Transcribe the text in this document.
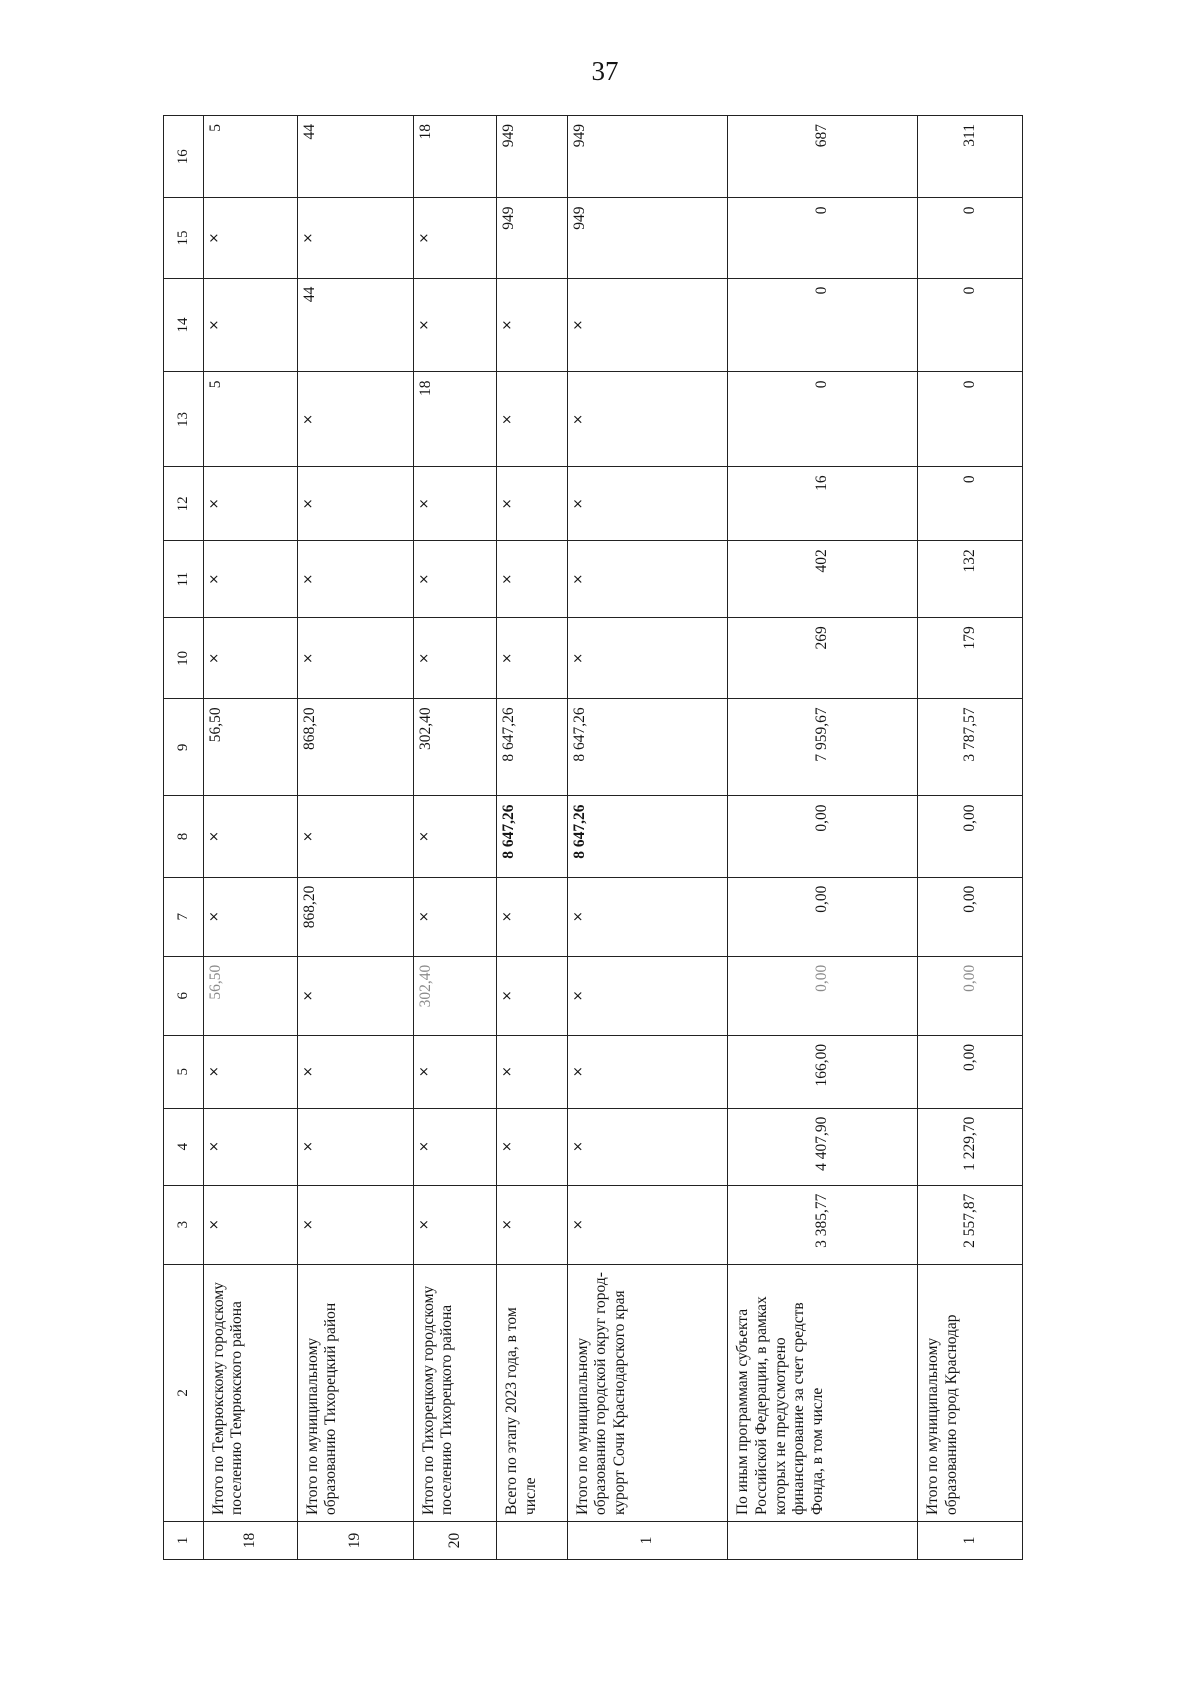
37
1	2	3	4	5	6	7	8	9	10	11	12	13	14	15	16
18	Итого по Темрюкскому городскому поселению Темрюкского района	×	×	×	56,50	×	×	56,50	×	×	×	5	×	×	5
19	Итого по муниципальному образованию Тихорецкий район	×	×	×	×	868,20	×	868,20	×	×	×	×	44	×	44
20	Итого по Тихорецкому городскому поселению Тихорецкого района	×	×	×	302,40	×	×	302,40	×	×	×	18	×	×	18
	Всего по этапу 2023 года, в том числе	×	×	×	×	×	8 647,26	8 647,26	×	×	×	×	×	949	949
1	Итого по муниципальному образованию городской округ город-курорт Сочи Краснодарского края	×	×	×	×	×	8 647,26	8 647,26	×	×	×	×	×	949	949
	По иным программам субъекта Российской Федерации, в рамках которых не предусмотрено финансирование за счет средств Фонда, в том числе	3 385,77	4 407,90	166,00	0,00	0,00	0,00	7 959,67	269	402	16	0	0	0	687
1	Итого по муниципальному образованию город Краснодар	2 557,87	1 229,70	0,00	0,00	0,00	0,00	3 787,57	179	132	0	0	0	0	311
